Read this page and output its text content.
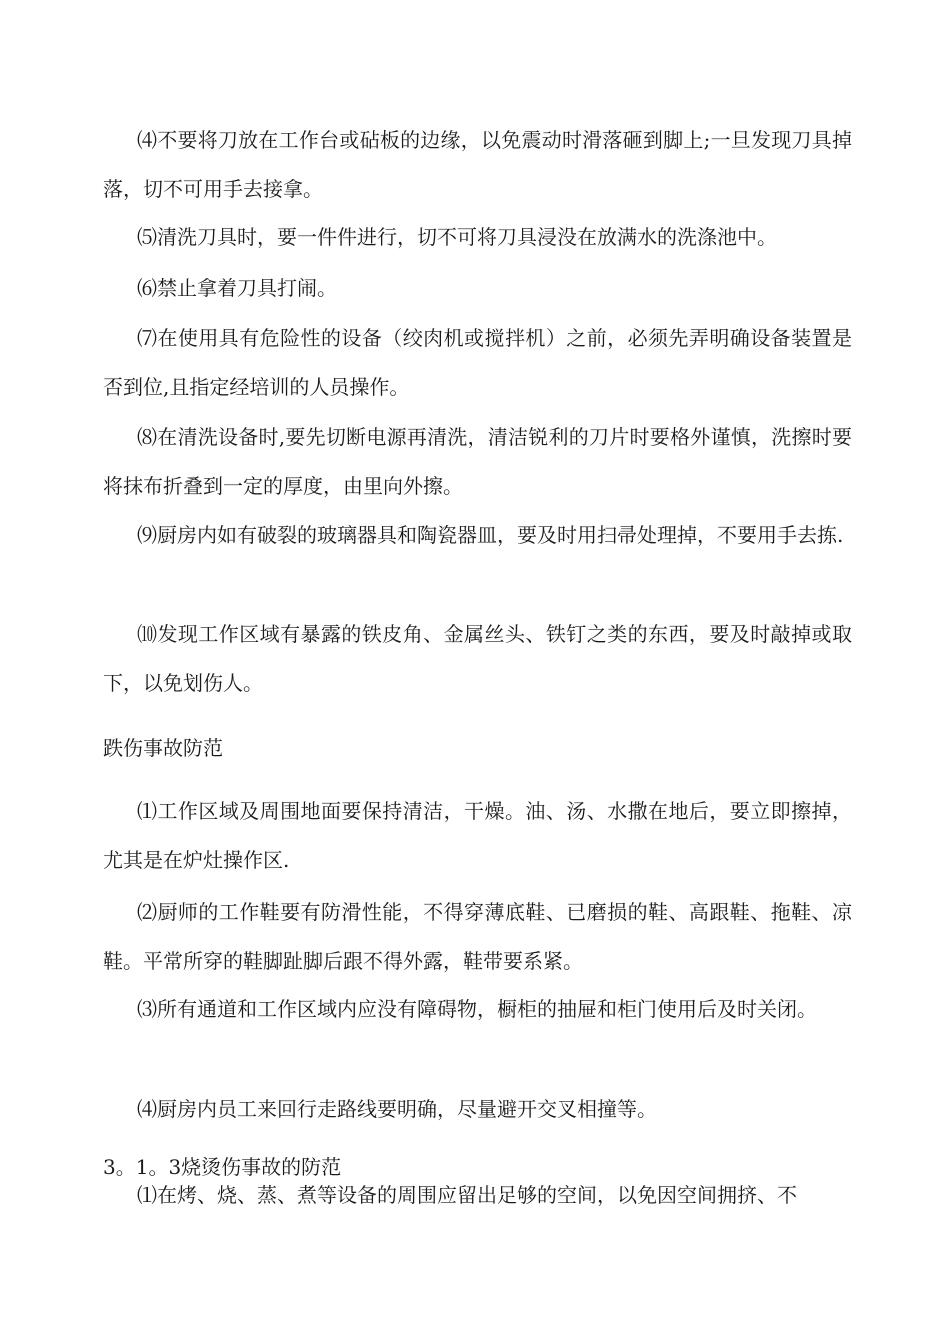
⑷不要将刀放在工作台或砧板的边缘，以免震动时滑落砸到脚上;一旦发现刀具掉落，切不可用手去接拿。

⑸清洗刀具时，要一件件进行，切不可将刀具浸没在放满水的洗涤池中。

⑹禁止拿着刀具打闹。

⑺在使用具有危险性的设备（绞肉机或搅拌机）之前，必须先弄明确设备装置是否到位,且指定经培训的人员操作。

⑻在清洗设备时,要先切断电源再清洗，清洁锐利的刀片时要格外谨慎，洗擦时要将抹布折叠到一定的厚度，由里向外擦。

⑼厨房内如有破裂的玻璃器具和陶瓷器皿，要及时用扫帚处理掉，不要用手去拣.

⑽发现工作区域有暴露的铁皮角、金属丝头、铁钉之类的东西，要及时敲掉或取下，以免划伤人。

跌伤事故防范

⑴工作区域及周围地面要保持清洁，干燥。油、汤、水撒在地后，要立即擦掉，尤其是在炉灶操作区.

⑵厨师的工作鞋要有防滑性能，不得穿薄底鞋、已磨损的鞋、高跟鞋、拖鞋、凉鞋。平常所穿的鞋脚趾脚后跟不得外露，鞋带要系紧。

⑶所有通道和工作区域内应没有障碍物，橱柜的抽屉和柜门使用后及时关闭。

⑷厨房内员工来回行走路线要明确，尽量避开交叉相撞等。

3。1。3烧烫伤事故的防范

⑴在烤、烧、蒸、煮等设备的周围应留出足够的空间，以免因空间拥挤、不
